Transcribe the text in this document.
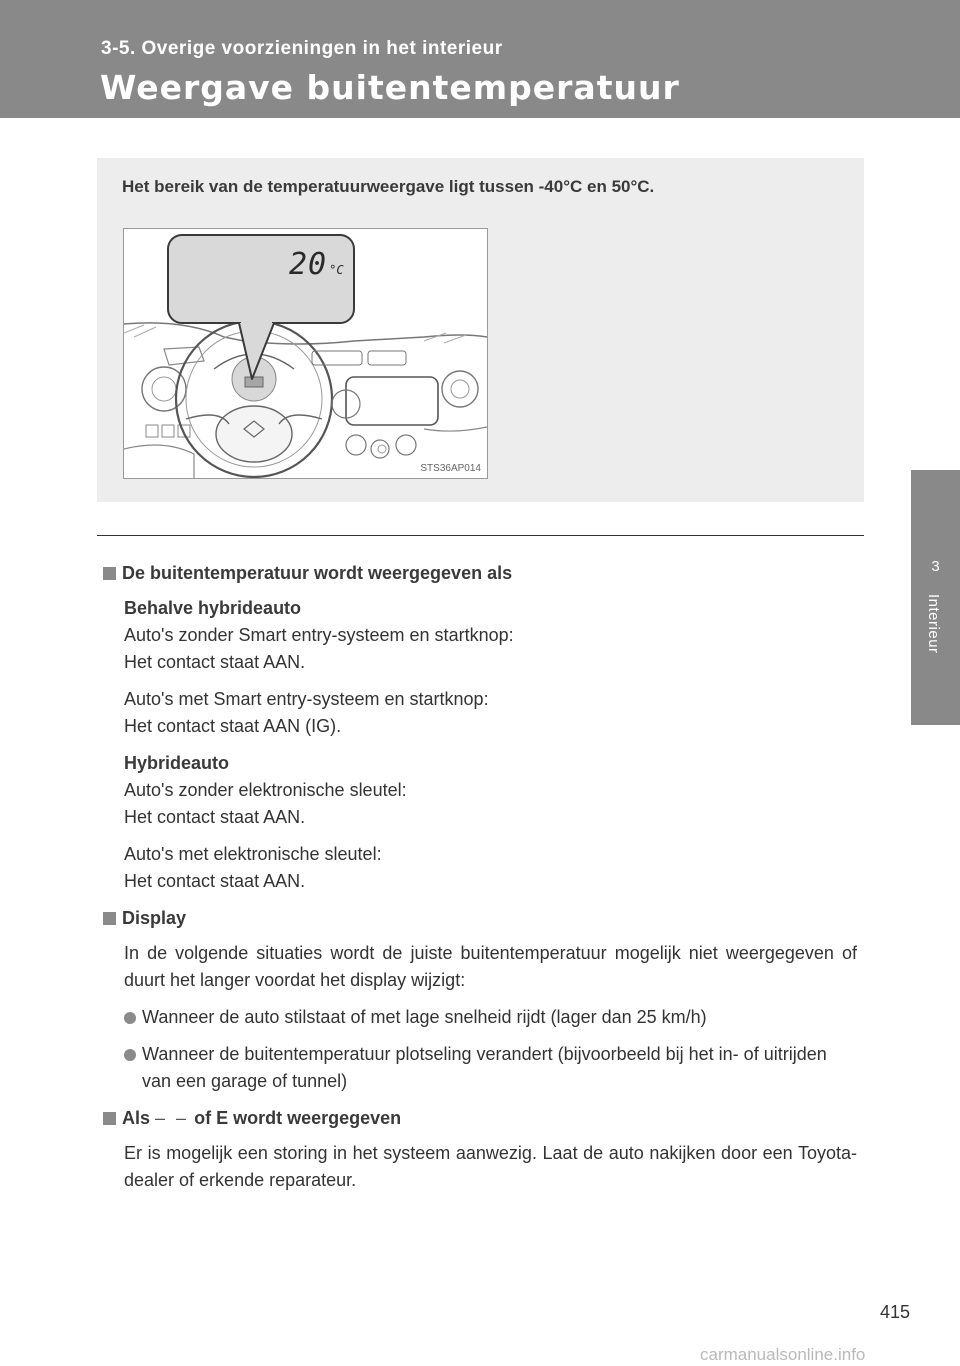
3-5. Overige voorzieningen in het interieur
Weergave buitentemperatuur
3
Interieur
Het bereik van de temperatuurweergave ligt tussen -40°C en 50°C.
20 °C
STS36AP014

De buitentemperatuur wordt weergegeven als

Behalve hybrideauto

Auto's zonder Smart entry-systeem en startknop:

Het contact staat AAN.

Auto's met Smart entry-systeem en startknop:

Het contact staat AAN (IG).

Hybrideauto

Auto's zonder elektronische sleutel:

Het contact staat AAN.

Auto's met elektronische sleutel:

Het contact staat AAN.

Display

In de volgende situaties wordt de juiste buitentemperatuur mogelijk niet weergegeven of duurt het langer voordat het display wijzigt:

Wanneer de auto stilstaat of met lage snelheid rijdt (lager dan 25 km/h)

Wanneer de buitentemperatuur plotseling verandert (bijvoorbeeld bij het in- of uitrijden van een garage of tunnel)

Als – – of E wordt weergegeven

Er is mogelijk een storing in het systeem aanwezig. Laat de auto nakijken door een Toyota-dealer of erkende reparateur.

415
carmanualsonline.info
